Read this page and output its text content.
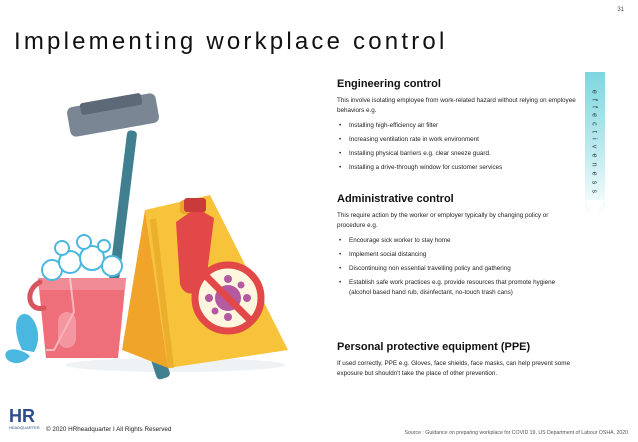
31
Implementing workplace control
Engineering control

This involve isolating employee from work-related hazard without relying on employee behaviors e.g.

• Installing high-efficiency air filter
• Increasing ventilation rate in work environment
• Installing physical barriers e.g. clear sneeze guard.
• Installing a drive-through window for customer services
Administrative control

This require action by the worker or employer typically by changing policy or procedure e.g.

• Encourage sick worker to stay home
• Implement social distancing
• Discontinuing non essential travelling policy and gathering
• Establish safe work practices e.g. provide resources that promote hygiene (alcohol based hand rub, disinfectant, no-touch trash cans)
Personal protective equipment (PPE)

If used correctly, PPE e.g. Gloves, face shields, face masks, can help prevent some exposure but shouldn't take the place of other prevention.

effectiveness
HR
HEADQUARTER © 2020 HRheadquarter I All Rights Reserved	Source : Guidance on preparing workplace for COVID 19, US Department of Labour OSHA, 2020
